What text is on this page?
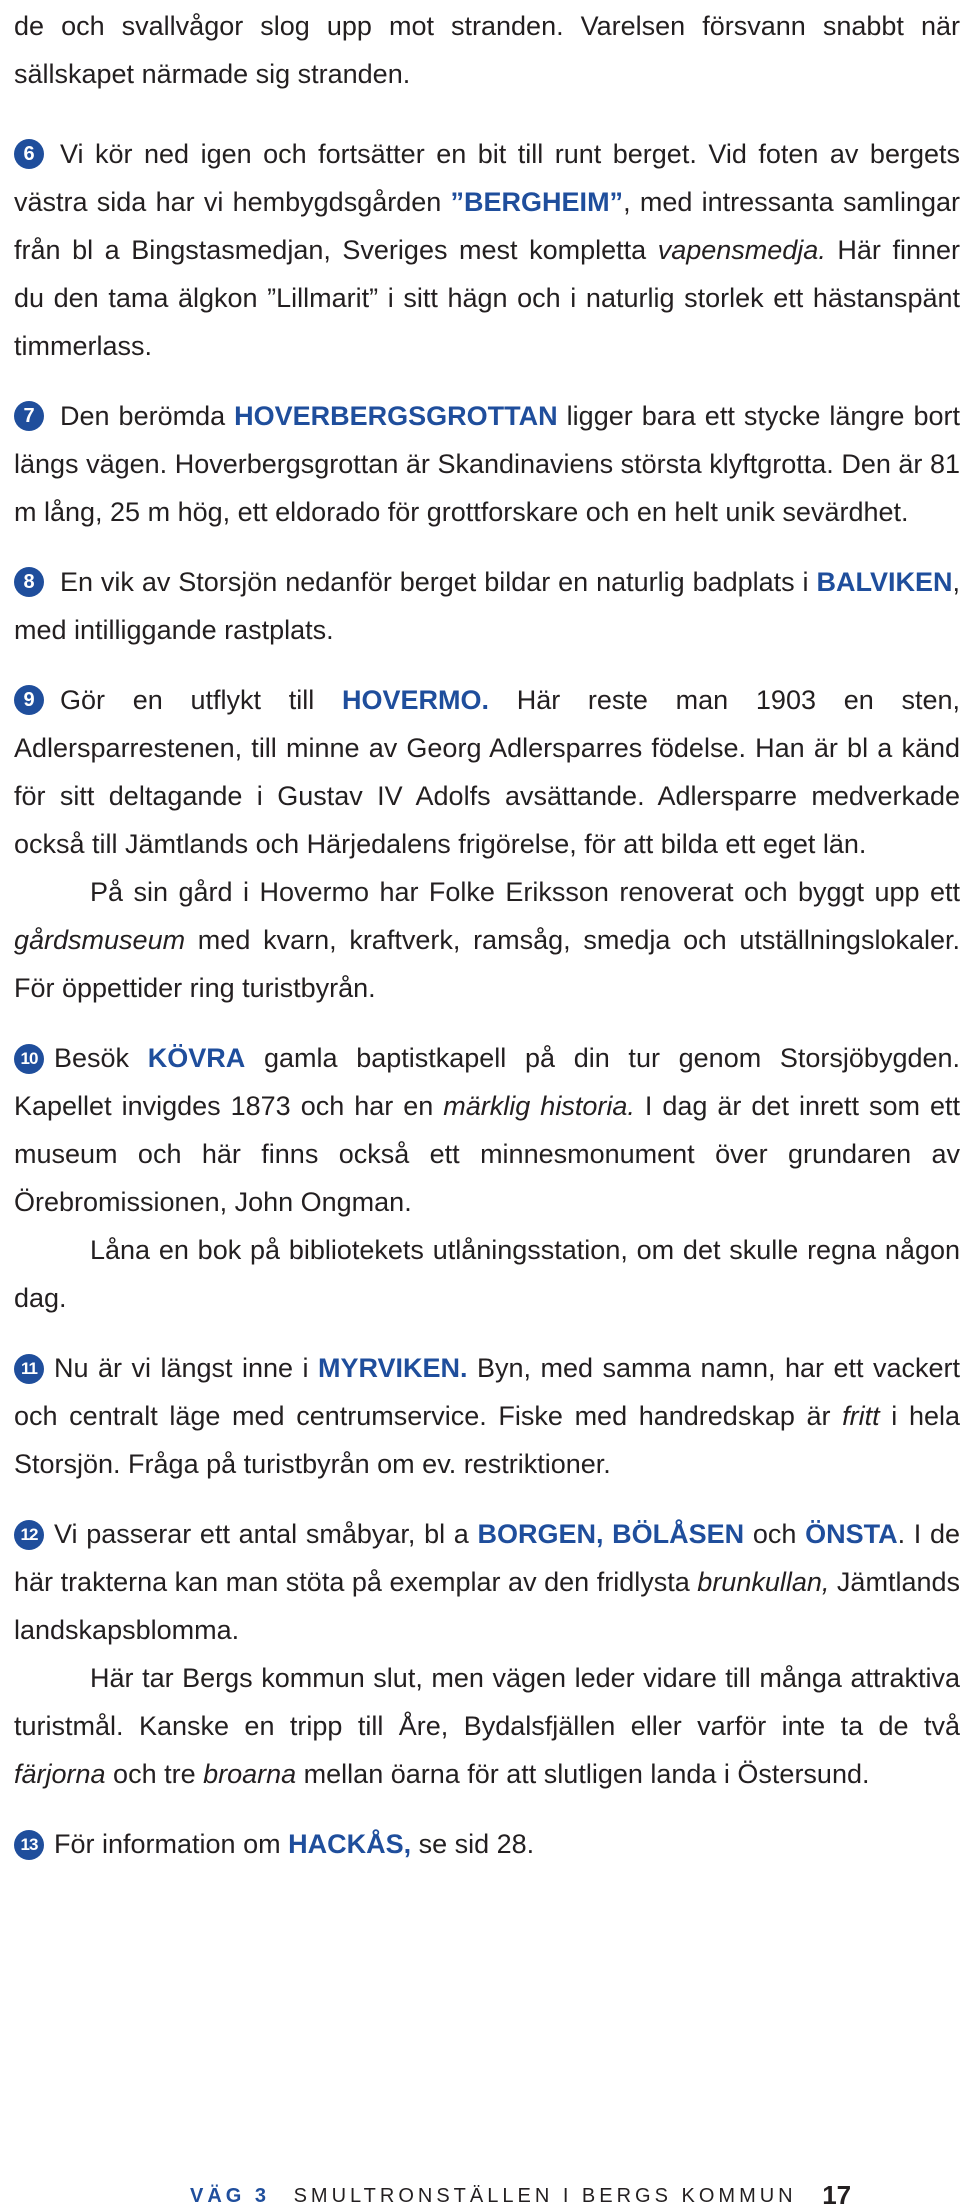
de och svallvågor slog upp mot stranden. Varelsen försvann snabbt när sällskapet närmade sig stranden.

6 Vi kör ned igen och fortsätter en bit till runt berget. Vid foten av bergets västra sida har vi hembygdsgården ”BERGHEIM”, med intressanta samlingar från bl a Bingstasmedjan, Sveriges mest kompletta vapensmedja. Här finner du den tama älgkon ”Lillmarit” i sitt hägn och i naturlig storlek ett hästanspänt timmerlass.

7 Den berömda HOVERBERGSGROTTAN ligger bara ett stycke längre bort längs vägen. Hoverbergsgrottan är Skandinaviens största klyftgrotta. Den är 81 m lång, 25 m hög, ett eldorado för grottforskare och en helt unik sevärdhet.

8 En vik av Storsjön nedanför berget bildar en naturlig badplats i BALVIKEN, med intilliggande rastplats.

9 Gör en utflykt till HOVERMO. Här reste man 1903 en sten, Adlersparrestenen, till minne av Georg Adlersparres födelse. Han är bl a känd för sitt deltagande i Gustav IV Adolfs avsättande. Adlersparre medverkade också till Jämtlands och Härjedalens frigörelse, för att bilda ett eget län.

På sin gård i Hovermo har Folke Eriksson renoverat och byggt upp ett gårdsmuseum med kvarn, kraftverk, ramsåg, smedja och utställningslokaler. För öppettider ring turistbyrån.

10 Besök KÖVRA gamla baptistkapell på din tur genom Storsjöbygden. Kapellet invigdes 1873 och har en märklig historia. I dag är det inrett som ett museum och här finns också ett minnesmonument över grundaren av Örebromissionen, John Ongman.

Låna en bok på bibliotekets utlåningsstation, om det skulle regna någon dag.

11 Nu är vi längst inne i MYRVIKEN. Byn, med samma namn, har ett vackert och centralt läge med centrumservice. Fiske med handredskap är fritt i hela Storsjön. Fråga på turistbyrån om ev. restriktioner.

12 Vi passerar ett antal småbyar, bl a BORGEN, BÖLÅSEN och ÖNSTA. I de här trakterna kan man stöta på exemplar av den fridlysta brunkullan, Jämtlands landskapsblomma.

Här tar Bergs kommun slut, men vägen leder vidare till många attraktiva turistmål. Kanske en tripp till Åre, Bydalsfjällen eller varför inte ta de två färjorna och tre broarna mellan öarna för att slutligen landa i Östersund.

13 För information om HACKÅS, se sid 28.

VÄG 3 SMULTRONSTÄLLEN I BERGS KOMMUN 17
